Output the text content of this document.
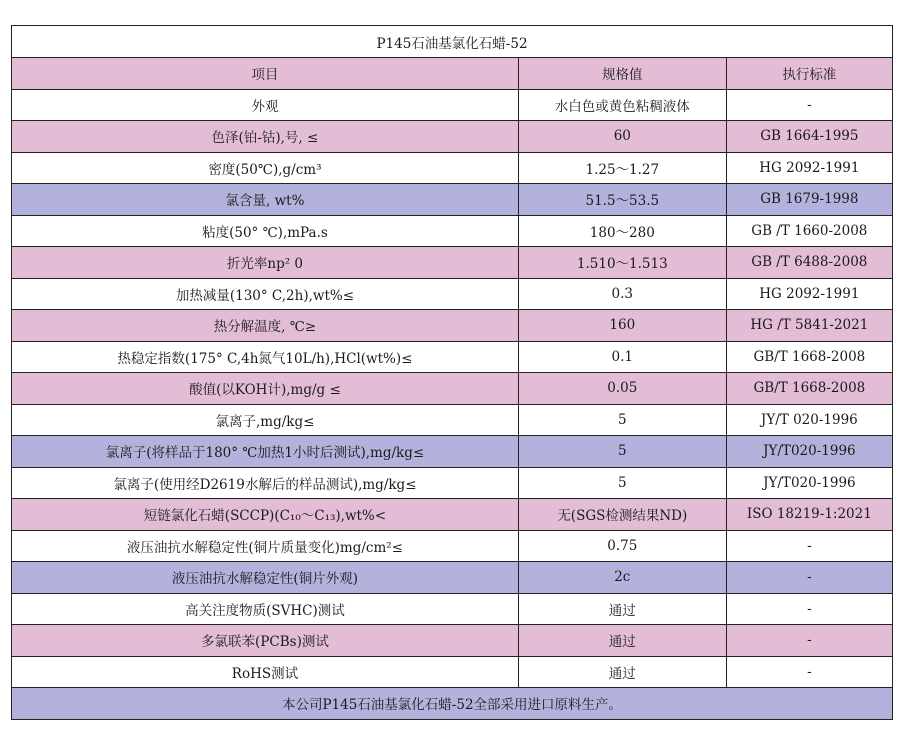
P145石油基氯化石蜡-52		
项目	规格值	执行标准
外观	水白色或黄色粘稠液体	-
色泽(铂-钴),号, ≤	60	GB 1664-1995
密度(50℃),g/cm³	1.25～1.27	HG 2092-1991
氯含量, wt%	51.5～53.5	GB 1679-1998
粘度(50° ℃),mPa.s	180～280	GB /T 1660-2008
折光率np² 0	1.510～1.513	GB /T 6488-2008
加热减量(130° C,2h),wt%≤	0.3	HG 2092-1991
热分解温度, ℃≥	160	HG /T 5841-2021
热稳定指数(175° C,4h氮气10L/h),HCl(wt%)≤	0.1	GB/T 1668-2008
酸值(以KOH计),mg/g ≤	0.05	GB/T 1668-2008
氯离子,mg/kg≤	5	JY/T 020-1996
氯离子(将样品于180° ℃加热1小时后测试),mg/kg≤	5	JY/T020-1996
氯离子(使用经D2619水解后的样品测试),mg/kg≤	5	JY/T020-1996
短链氯化石蜡(SCCP)(C₁₀～C₁₃),wt%<	无(SGS检测结果ND)	ISO 18219-1:2021
液压油抗水解稳定性(铜片质量变化)mg/cm²≤	0.75	-
液压油抗水解稳定性(铜片外观)	2c	-
高关注度物质(SVHC)测试	通过	-
多氯联苯(PCBs)测试	通过	-
RoHS测试	通过	-
本公司P145石油基氯化石蜡-52全部采用进口原料生产。		
